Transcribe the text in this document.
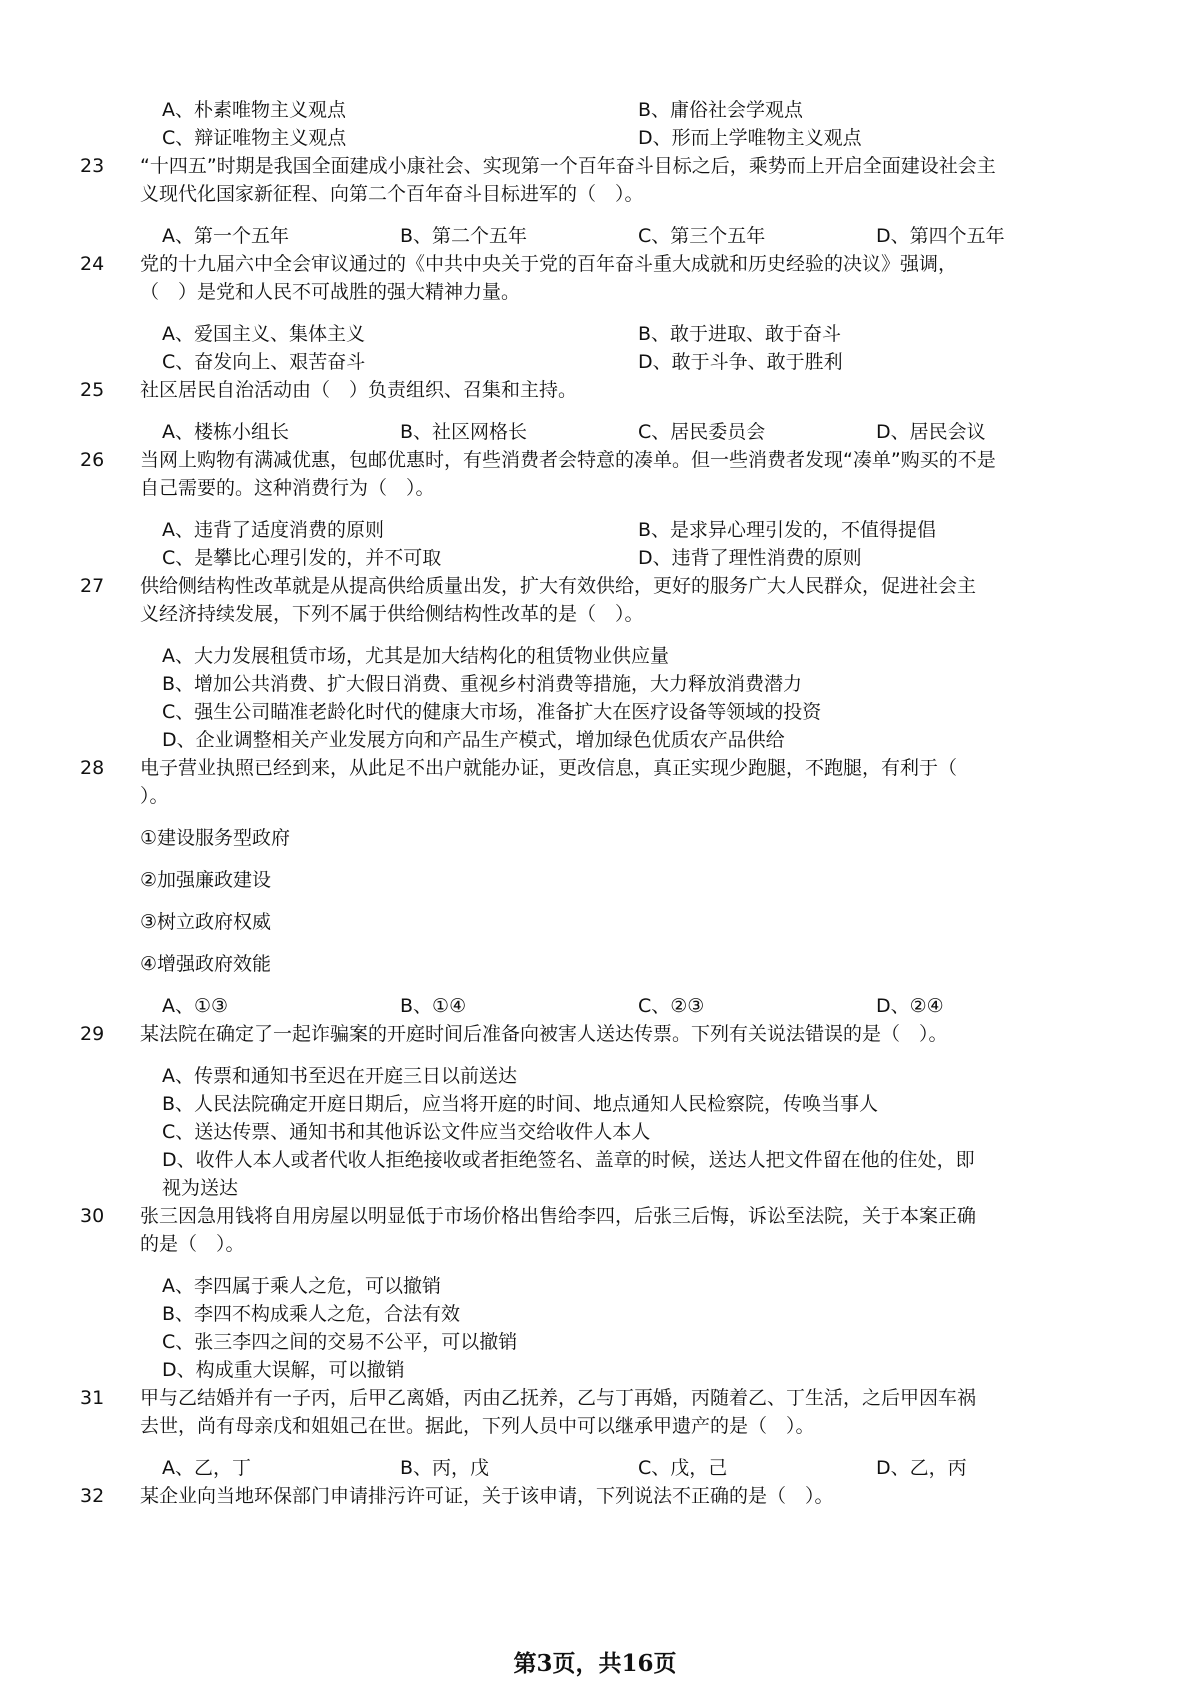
A、朴素唯物主义观点	B、庸俗社会学观点
C、辩证唯物主义观点	D、形而上学唯物主义观点
23 “十四五”时期是我国全面建成小康社会、实现第一个百年奋斗目标之后，乘势而上开启全面建设社会主
义现代化国家新征程、向第二个百年奋斗目标进军的（　）。
A、第一个五年	B、第二个五年	C、第三个五年	D、第四个五年
24 党的十九届六中全会审议通过的《中共中央关于党的百年奋斗重大成就和历史经验的决议》强调，
（　）是党和人民不可战胜的强大精神力量。
A、爱国主义、集体主义	B、敢于进取、敢于奋斗
C、奋发向上、艰苦奋斗	D、敢于斗争、敢于胜利
25 社区居民自治活动由（　）负责组织、召集和主持。
A、楼栋小组长	B、社区网格长	C、居民委员会	D、居民会议
26 当网上购物有满减优惠，包邮优惠时，有些消费者会特意的凑单。但一些消费者发现“凑单”购买的不是
自己需要的。这种消费行为（　）。
A、违背了适度消费的原则	B、是求异心理引发的，不值得提倡
C、是攀比心理引发的，并不可取	D、违背了理性消费的原则
27 供给侧结构性改革就是从提高供给质量出发，扩大有效供给，更好的服务广大人民群众，促进社会主
义经济持续发展，下列不属于供给侧结构性改革的是（　）。
A、大力发展租赁市场，尤其是加大结构化的租赁物业供应量
B、增加公共消费、扩大假日消费、重视乡村消费等措施，大力释放消费潜力
C、强生公司瞄准老龄化时代的健康大市场，准备扩大在医疗设备等领域的投资
D、企业调整相关产业发展方向和产品生产模式，增加绿色优质农产品供给
28 电子营业执照已经到来，从此足不出户就能办证，更改信息，真正实现少跑腿，不跑腿，有利于（
）。
①建设服务型政府
②加强廉政建设
③树立政府权威
④增强政府效能
A、①③	B、①④	C、②③	D、②④
29 某法院在确定了一起诈骗案的开庭时间后准备向被害人送达传票。下列有关说法错误的是（　）。
A、传票和通知书至迟在开庭三日以前送达
B、人民法院确定开庭日期后，应当将开庭的时间、地点通知人民检察院，传唤当事人
C、送达传票、通知书和其他诉讼文件应当交给收件人本人
D、收件人本人或者代收人拒绝接收或者拒绝签名、盖章的时候，送达人把文件留在他的住处，即
视为送达
30 张三因急用钱将自用房屋以明显低于市场价格出售给李四，后张三后悔，诉讼至法院，关于本案正确
的是（　）。
A、李四属于乘人之危，可以撤销
B、李四不构成乘人之危，合法有效
C、张三李四之间的交易不公平，可以撤销
D、构成重大误解，可以撤销
31 甲与乙结婚并有一子丙，后甲乙离婚，丙由乙抚养，乙与丁再婚，丙随着乙、丁生活，之后甲因车祸
去世，尚有母亲戊和姐姐己在世。据此，下列人员中可以继承甲遗产的是（　）。
A、乙，丁	B、丙，戊	C、戊，己	D、乙，丙
32 某企业向当地环保部门申请排污许可证，关于该申请，下列说法不正确的是（　）。
第3页，共16页
